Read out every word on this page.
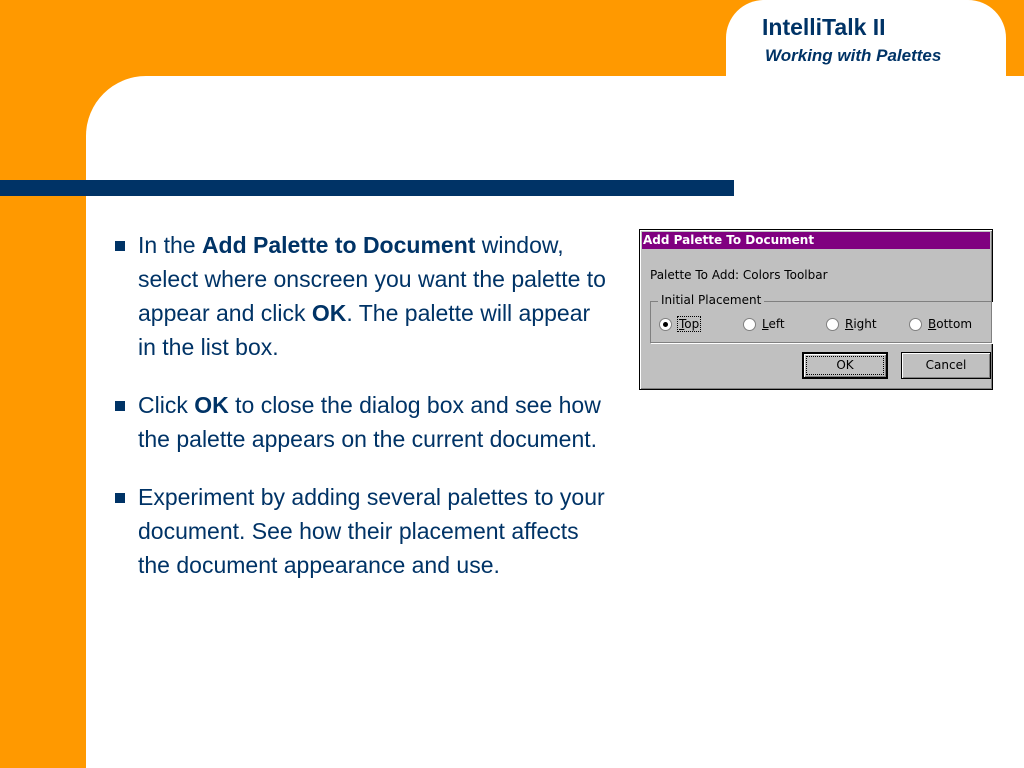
IntelliTalk II
Working with Palettes
In the Add Palette to Document window, select where onscreen you want the palette to appear and click OK. The palette will appear in the list box.
Click OK to close the dialog box and see how the palette appears on the current document.
Experiment by adding several palettes to your document. See how their placement affects the document appearance and use.
Add Palette To Document
Palette To Add: Colors Toolbar
Initial Placement
Top	Left	Right	Bottom
OK	Cancel
